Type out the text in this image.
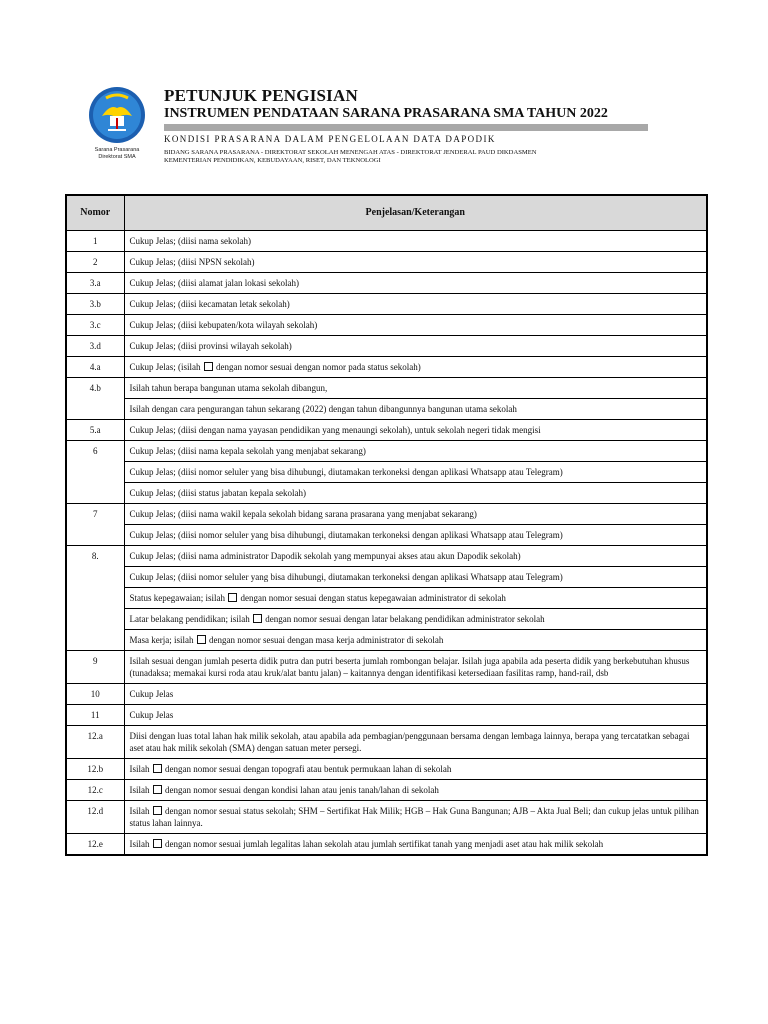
Sarana Prasarana
Direktorat SMA
PETUNJUK PENGISIAN
INSTRUMEN PENDATAAN SARANA PRASARANA SMA TAHUN 2022
KONDISI PRASARANA DALAM PENGELOLAAN DATA DAPODIK
BIDANG SARANA PRASARANA - DIREKTORAT SEKOLAH MENENGAH ATAS - DIREKTORAT JENDERAL PAUD DIKDASMEN
KEMENTERIAN PENDIDIKAN, KEBUDAYAAN, RISET, DAN TEKNOLOGI
Nomor	Penjelasan/Keterangan
1	Cukup Jelas; (diisi nama sekolah)
2	Cukup Jelas; (diisi NPSN sekolah)
3.a	Cukup Jelas; (diisi alamat jalan lokasi sekolah)
3.b	Cukup Jelas; (diisi kecamatan letak sekolah)
3.c	Cukup Jelas; (diisi kebupaten/kota wilayah sekolah)
3.d	Cukup Jelas; (diisi provinsi wilayah sekolah)
4.a	Cukup Jelas; (isilah  dengan nomor sesuai dengan nomor pada status sekolah)
4.b	Isilah tahun berapa bangunan utama sekolah dibangun,
	Isilah dengan cara pengurangan tahun sekarang (2022) dengan tahun dibangunnya bangunan utama sekolah
5.a	Cukup Jelas; (diisi dengan nama yayasan pendidikan yang menaungi sekolah), untuk sekolah negeri tidak mengisi
6	Cukup Jelas; (diisi nama kepala sekolah yang menjabat sekarang)
	Cukup Jelas; (diisi nomor seluler yang bisa dihubungi, diutamakan terkoneksi dengan aplikasi Whatsapp atau Telegram)
	Cukup Jelas; (diisi status jabatan kepala sekolah)
7	Cukup Jelas; (diisi nama wakil kepala sekolah bidang sarana prasarana yang menjabat sekarang)
	Cukup Jelas; (diisi nomor seluler yang bisa dihubungi, diutamakan terkoneksi dengan aplikasi Whatsapp atau Telegram)
8.	Cukup Jelas; (diisi nama administrator Dapodik sekolah yang mempunyai akses atau akun Dapodik sekolah)
	Cukup Jelas; (diisi nomor seluler yang bisa dihubungi, diutamakan terkoneksi dengan aplikasi Whatsapp atau Telegram)
	Status kepegawaian; isilah  dengan nomor sesuai dengan status kepegawaian administrator di sekolah
	Latar belakang pendidikan; isilah  dengan nomor sesuai dengan latar belakang pendidikan administrator sekolah
	Masa kerja; isilah  dengan nomor sesuai dengan masa kerja administrator di sekolah
9	Isilah sesuai dengan jumlah peserta didik putra dan putri beserta jumlah rombongan belajar. Isilah juga apabila ada peserta didik yang berkebutuhan khusus (tunadaksa; memakai kursi roda atau kruk/alat bantu jalan) – kaitannya dengan identifikasi ketersediaan fasilitas ramp, hand-rail, dsb
10	Cukup Jelas
11	Cukup Jelas
12.a	Diisi dengan luas total lahan hak milik sekolah, atau apabila ada pembagian/penggunaan bersama dengan lembaga lainnya, berapa yang tercatatkan sebagai aset atau hak milik sekolah (SMA) dengan satuan meter persegi.
12.b	Isilah  dengan nomor sesuai dengan topografi atau bentuk permukaan lahan di sekolah
12.c	Isilah  dengan nomor sesuai dengan kondisi lahan atau jenis tanah/lahan di sekolah
12.d	Isilah  dengan nomor sesuai status sekolah; SHM – Sertifikat Hak Milik; HGB – Hak Guna Bangunan; AJB – Akta Jual Beli; dan cukup jelas untuk pilihan status lahan lainnya.
12.e	Isilah  dengan nomor sesuai jumlah legalitas lahan sekolah atau jumlah sertifikat tanah yang menjadi aset atau hak milik sekolah
